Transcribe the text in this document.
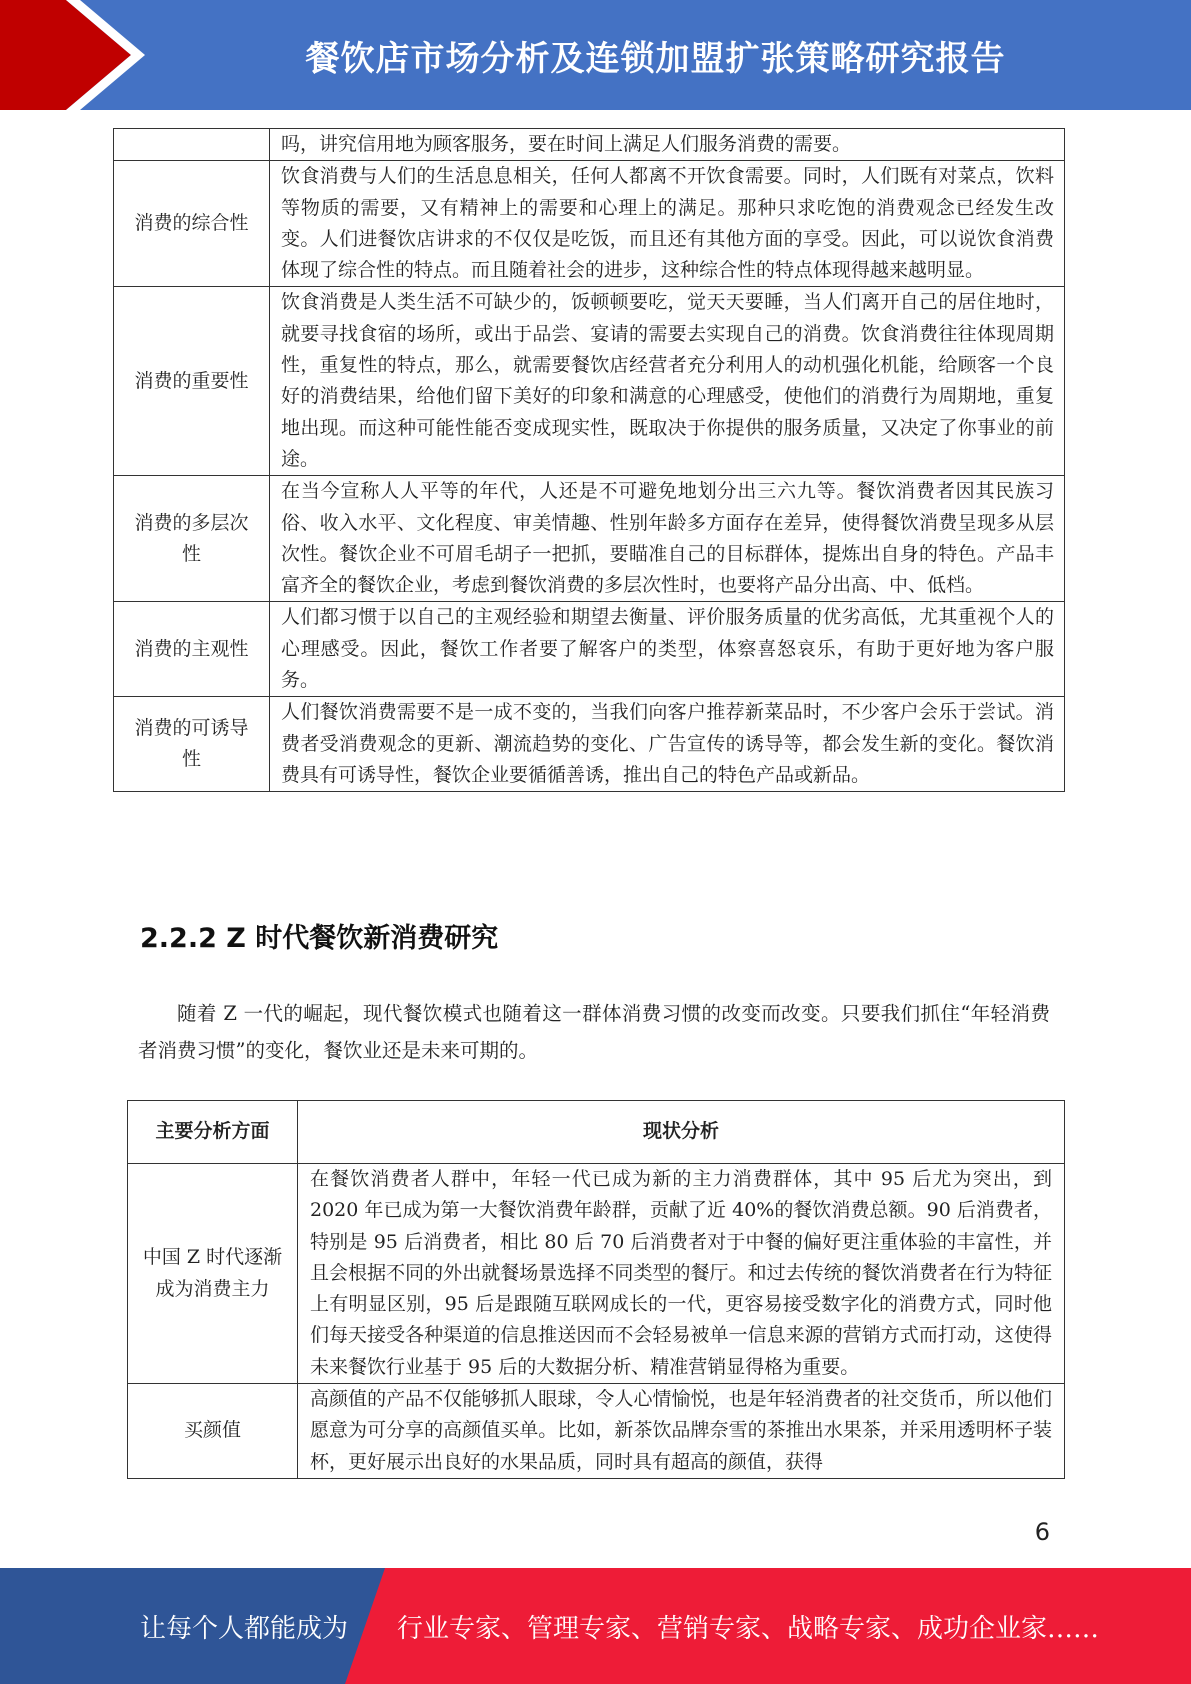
餐饮店市场分析及连锁加盟扩张策略研究报告
	吗，讲究信用地为顾客服务，要在时间上满足人们服务消费的需要。
消费的综合性	饮食消费与人们的生活息息相关，任何人都离不开饮食需要。同时，人们既有对菜点，饮料等物质的需要，又有精神上的需要和心理上的满足。那种只求吃饱的消费观念已经发生改变。人们进餐饮店讲求的不仅仅是吃饭，而且还有其他方面的享受。因此，可以说饮食消费体现了综合性的特点。而且随着社会的进步，这种综合性的特点体现得越来越明显。
消费的重要性	饮食消费是人类生活不可缺少的，饭顿顿要吃，觉天天要睡，当人们离开自己的居住地时，就要寻找食宿的场所，或出于品尝、宴请的需要去实现自己的消费。饮食消费往往体现周期性，重复性的特点，那么，就需要餐饮店经营者充分利用人的动机强化机能，给顾客一个良好的消费结果，给他们留下美好的印象和满意的心理感受，使他们的消费行为周期地，重复地出现。而这种可能性能否变成现实性，既取决于你提供的服务质量，又决定了你事业的前途。
消费的多层次性	在当今宣称人人平等的年代，人还是不可避免地划分出三六九等。餐饮消费者因其民族习俗、收入水平、文化程度、审美情趣、性别年龄多方面存在差异，使得餐饮消费呈现多从层次性。餐饮企业不可眉毛胡子一把抓，要瞄准自己的目标群体，提炼出自身的特色。产品丰富齐全的餐饮企业，考虑到餐饮消费的多层次性时，也要将产品分出高、中、低档。
消费的主观性	人们都习惯于以自己的主观经验和期望去衡量、评价服务质量的优劣高低，尤其重视个人的心理感受。因此，餐饮工作者要了解客户的类型，体察喜怒哀乐，有助于更好地为客户服务。
消费的可诱导性	人们餐饮消费需要不是一成不变的，当我们向客户推荐新菜品时，不少客户会乐于尝试。消费者受消费观念的更新、潮流趋势的变化、广告宣传的诱导等，都会发生新的变化。餐饮消费具有可诱导性，餐饮企业要循循善诱，推出自己的特色产品或新品。
2.2.2 Z 时代餐饮新消费研究

随着 Z 一代的崛起，现代餐饮模式也随着这一群体消费习惯的改变而改变。只要我们抓住“年轻消费者消费习惯”的变化，餐饮业还是未来可期的。

主要分析方面	现状分析
中国 Z 时代逐渐成为消费主力	在餐饮消费者人群中，年轻一代已成为新的主力消费群体，其中 95 后尤为突出，到 2020 年已成为第一大餐饮消费年龄群，贡献了近 40%的餐饮消费总额。90 后消费者，特别是 95 后消费者，相比 80 后 70 后消费者对于中餐的偏好更注重体验的丰富性，并且会根据不同的外出就餐场景选择不同类型的餐厅。和过去传统的餐饮消费者在行为特征上有明显区别，95 后是跟随互联网成长的一代，更容易接受数字化的消费方式，同时他们每天接受各种渠道的信息推送因而不会轻易被单一信息来源的营销方式而打动，这使得未来餐饮行业基于 95 后的大数据分析、精准营销显得格为重要。
买颜值	高颜值的产品不仅能够抓人眼球，令人心情愉悦，也是年轻消费者的社交货币，所以他们愿意为可分享的高颜值买单。比如，新茶饮品牌奈雪的茶推出水果茶，并采用透明杯子装杯，更好展示出良好的水果品质，同时具有超高的颜值，获得
6
让每个人都能成为 行业专家、管理专家、营销专家、战略专家、成功企业家……
